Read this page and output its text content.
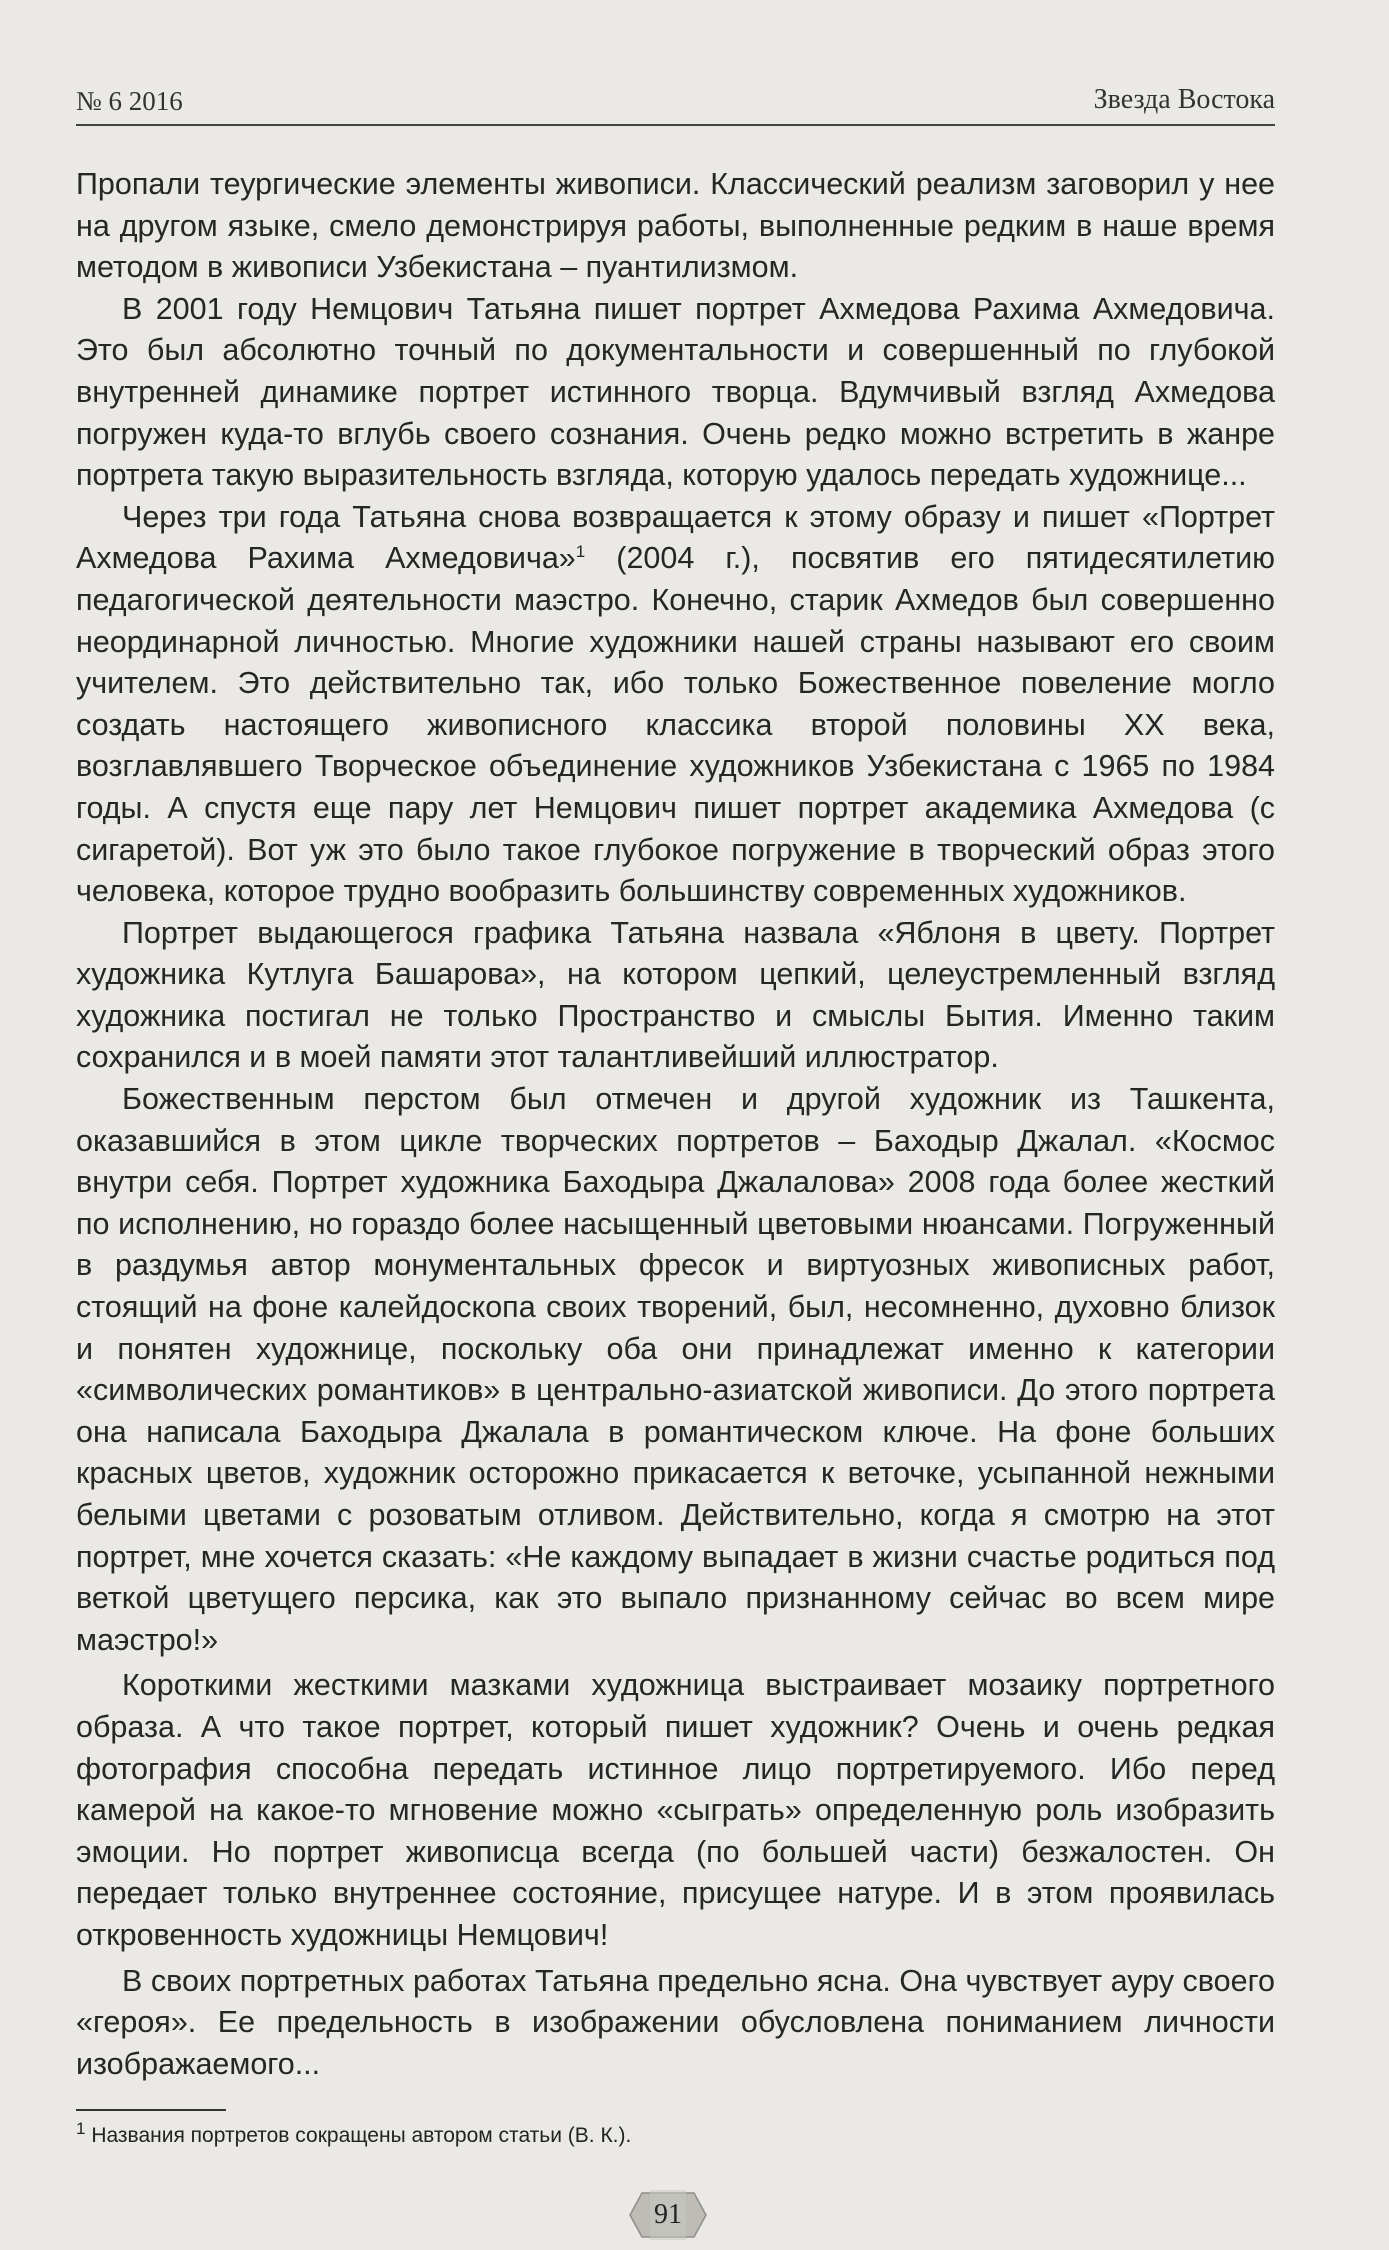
№ 6 2016	Звезда Востока

Пропали теургические элементы живописи. Классический реализм заговорил у нее на другом языке, смело демонстрируя работы, выполненные редким в наше время методом в живописи Узбекистана – пуантилизмом.

В 2001 году Немцович Татьяна пишет портрет Ахмедова Рахима Ахмедовича. Это был абсолютно точный по документальности и совершенный по глубокой внутренней динамике портрет истинного творца. Вдумчивый взгляд Ахмедова погружен куда-то вглубь своего сознания. Очень редко можно встретить в жанре портрета такую выразительность взгляда, которую удалось передать художнице...

Через три года Татьяна снова возвращается к этому образу и пишет «Портрет Ахмедова Рахима Ахмедовича»$^1$ (2004 г.), посвятив его пятидесятилетию педагогической деятельности маэстро. Конечно, старик Ахмедов был совершенно неординарной личностью. Многие художники нашей страны называют его своим учителем. Это действительно так, ибо только Божественное повеление могло создать настоящего живописного классика второй половины XX века, возглавлявшего Творческое объединение художников Узбекистана с 1965 по 1984 годы. А спустя еще пару лет Немцович пишет портрет академика Ахмедова (с сигаретой). Вот уж это было такое глубокое погружение в творческий образ этого человека, которое трудно вообразить большинству современных художников.

Портрет выдающегося графика Татьяна назвала «Яблоня в цвету. Портрет художника Кутлуга Башарова», на котором цепкий, целеустремленный взгляд художника постигал не только Пространство и смыслы Бытия. Именно таким сохранился и в моей памяти этот талантливейший иллюстратор.

Божественным перстом был отмечен и другой художник из Ташкента, оказавшийся в этом цикле творческих портретов – Баходыр Джалал. «Космос внутри себя. Портрет художника Баходыра Джалалова» 2008 года более жесткий по исполнению, но гораздо более насыщенный цветовыми нюансами. Погруженный в раздумья автор монументальных фресок и виртуозных живописных работ, стоящий на фоне калейдоскопа своих творений, был, несомненно, духовно близок и понятен художнице, поскольку оба они принадлежат именно к категории «символических романтиков» в центрально-азиатской живописи. До этого портрета она написала Баходыра Джалала в романтическом ключе. На фоне больших красных цветов, художник осторожно прикасается к веточке, усыпанной нежными белыми цветами с розоватым отливом. Действительно, когда я смотрю на этот портрет, мне хочется сказать: «Не каждому выпадает в жизни счастье родиться под веткой цветущего персика, как это выпало признанному сейчас во всем мире маэстро!»

Короткими жесткими мазками художница выстраивает мозаику портретного образа. А что такое портрет, который пишет художник? Очень и очень редкая фотография способна передать истинное лицо портретируемого. Ибо перед камерой на какое-то мгновение можно «сыграть» определенную роль изобразить эмоции. Но портрет живописца всегда (по большей части) безжалостен. Он передает только внутреннее состояние, присущее натуре. И в этом проявилась откровенность художницы Немцович!

В своих портретных работах Татьяна предельно ясна. Она чувствует ауру своего «героя». Ее предельность в изображении обусловлена пониманием личности изображаемого...

$^1$ Названия портретов сокращены автором статьи (В. К.).
91
